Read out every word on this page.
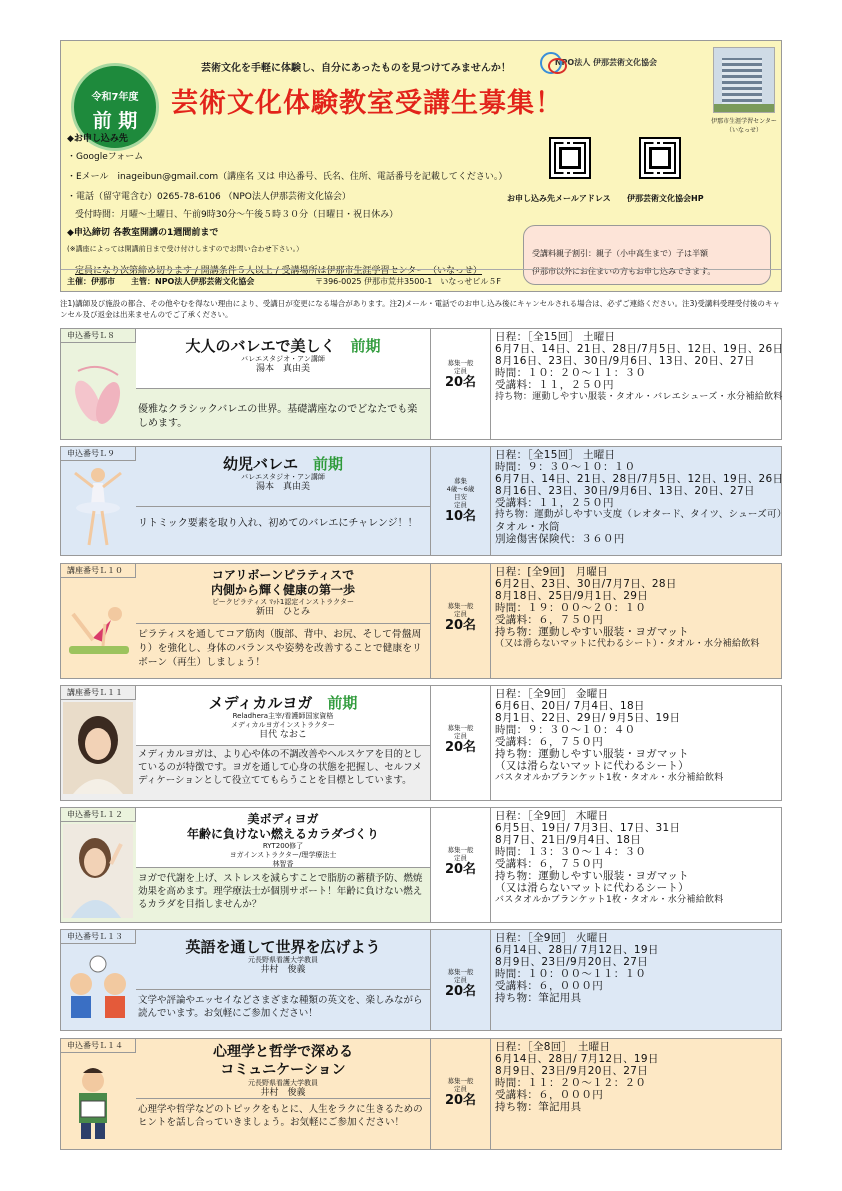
令和7年度
前 期
芸術文化を手軽に体験し、自分にあったものを見つけてみませんか！
NPO法人 伊那芸術文化協会
芸術文化体験教室受講生募集！
伊那市生涯学習センター（いなっせ）
◆お申し込み先
・Googleフォーム
・Eメール　inageibun@gmail.com（講座名 又は 申込番号、氏名、住所、電話番号を記載してください。）
・電話（留守電含む）0265-78-6106 （NPO法人伊那芸術文化協会）
受付時間：月曜～土曜日、午前9時30分～午後５時３０分（日曜日・祝日休み）
◆申込締切 各教室開講の1週間前まで
(※講座によっては開講前日まで受け付けしますのでお問い合わせ下さい。）
定員になり次第締め切ります / 開講条件５人以上 / 受講場所は伊那市生涯学習センター （いなっせ）
お申し込み先メールアドレス 伊那芸術文化協会HP
受講料親子割引：親子（小中高生まで）子は半額
伊那市以外にお住まいの方もお申し込みできます。
主催：伊那市 主管：NPO法人伊那芸術文化協会	〒396-0025 伊那市荒井3500-1　いなっせビル５F
注1)講師及び施設の都合、その他やむを得ない理由により、受講日が変更になる場合があります。注2)メール・電話でのお申し込み後にキャンセルされる場合は、必ずご連絡ください。注3)受講料受理受付後のキャンセル及び返金は出来ませんのでご了承ください。
申込番号Ｌ８
大人のバレエで美しく　 前期
バレエスタジオ・アン講師
湯本　真由美
優雅なクラシックバレエの世界。基礎講座なのでどなたでも楽しめます。
募集一般
定員
20名
日程：［全15回］ 土曜日
6月7日、14日、21日、28日/7月5日、12日、19日、26日
8月16日、23日、30日/9月6日、13日、20日、27日
時間：１０：２０～１１：３０
受講料：１１，２５０円
持ち物：運動しやすい服装・タオル・バレエシューズ・水分補給飲料
申込番号Ｌ９
幼児バレエ　 前期
バレエスタジオ・アン講師
湯本　真由美
リトミック要素を取り入れ、初めてのバレエにチャレンジ！！
募集
4歳～6歳
目安
定員
10名
日程：［全15回］ 土曜日
時間：９：３０～１０：１０
6月7日、14日、21日、28日/7月5日、12日、19日、26日
8月16日、23日、30日/9月6日、13日、20日、27日
受講料：１１，２５０円
持ち物：運動がしやすい支度（レオタード、タイツ、シューズ可）
タオル・水筒
別途傷害保険代：３６０円
講座番号Ｌ１０	コアリボーンピラティスで
内側から輝く健康の第一歩
ピークピラティス ﾏｯﾄ1認定インストラクター
新田　ひとみ
ピラティスを通してコア筋肉（腹部、背中、お尻、そして骨盤周り）を強化し、身体のバランスや姿勢を改善することで健康をリボーン（再生）しましょう！
募集一般
定員
20名
日程：[全9回]　月曜日
6月2日、23日、30日/7月7日、28日
8月18日、25日/9月1日、29日
時間：１９：００～２０：１０
受講料：６，７５０円
持ち物：運動しやすい服装・ヨガマット
（又は滑らないマットに代わるシート）・タオル・水分補給飲料
講座番号Ｌ１１
メディカルヨガ　 前期
Reladhera主宰/看護師国家資格
メディカルヨガインストラクター
目代 なおこ
メディカルヨガは、より心や体の不調改善やヘルスケアを目的としているのが特徴です。ヨガを通して心身の状態を把握し、セルフメディケーションとして役立ててもらうことを目標としています。
募集一般
定員
20名
日程：［全9回］ 金曜日
6月6日、20日/ 7月4日、18日
8月1日、22日、29日/ 9月5日、19日
時間：９：３０～１０：４０
受講料：６，７５０円
持ち物：運動しやすい服装・ヨガマット
（又は滑らないマットに代わるシート）
バスタオルかブランケット1枚・タオル・水分補給飲料
申込番号Ｌ１２	美ボディヨガ
年齢に負けない燃えるカラダづくり
RYT200修了
ヨガインストラクター/理学療法士
林智香
ヨガで代謝を上げ、ストレスを減らすことで脂肪の蓄積予防、燃焼効果を高めます。理学療法士が個別サポート！年齢に負けない燃えるカラダを目指しませんか？
募集一般
定員
20名
日程：［全9回］ 木曜日
6月5日、19日/ 7月3日、17日、31日
8月7日、21日/9月4日、18日
時間：１３：３０～１４：３０
受講料：６，７５０円
持ち物：運動しやすい服装・ヨガマット
（又は滑らないマットに代わるシート）
バスタオルかブランケット1枚・タオル・水分補給飲料
申込番号Ｌ１３
英語を通して世界を広げよう
元長野県看護大学教員
井村　俊義
文学や評論やエッセイなどさまざまな種類の英文を、楽しみながら読んでいます。お気軽にご参加ください！
募集一般
定員
20名
日程：［全9回］ 火曜日
6月14日、28日/ 7月12日、19日
8月9日、23日/9月20日、27日
時間：１０：００～１１：１０
受講料：６，０００円
持ち物：筆記用具
申込番号Ｌ１４	心理学と哲学で深める
コミュニケーション
元長野県看護大学教員
井村　俊義
心理学や哲学などのトピックをもとに、人生をラクに生きるためのヒントを話し合っていきましょう。お気軽にご参加ください！
募集一般
定員
20名
日程：［全8回］　土曜日
6月14日、28日/ 7月12日、19日
8月9日、23日/9月20日、27日
時間：１１：２０～１２：２０
受講料：６，０００円
持ち物：筆記用具
